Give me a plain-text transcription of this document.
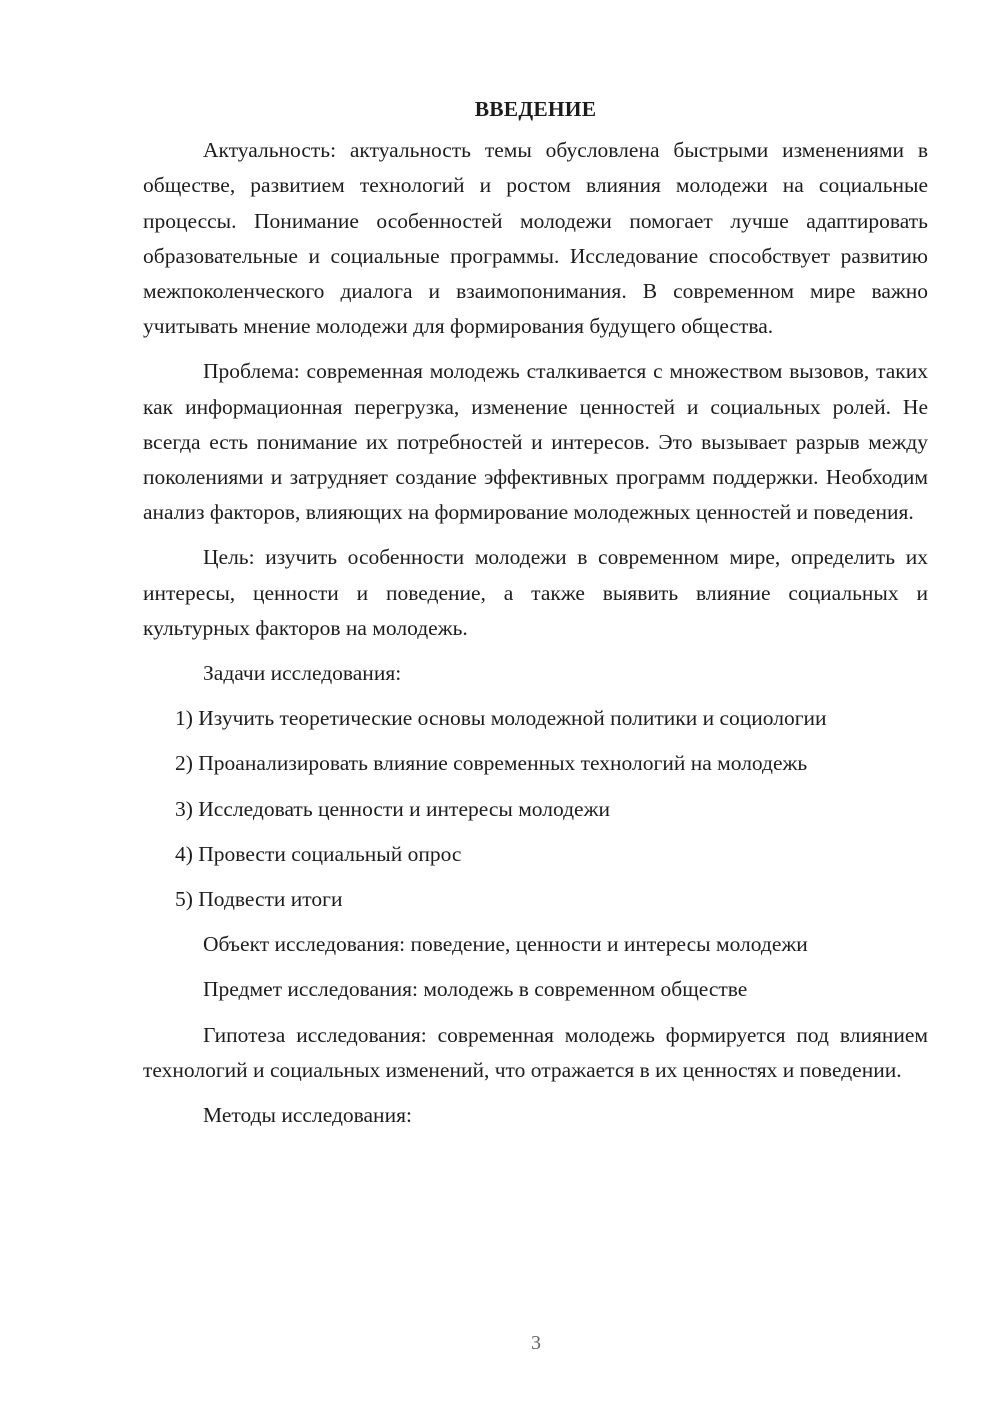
ВВЕДЕНИЕ

Актуальность: актуальность темы обусловлена быстрыми изменениями в обществе, развитием технологий и ростом влияния молодежи на социальные процессы. Понимание особенностей молодежи помогает лучше адаптировать образовательные и социальные программы. Исследование способствует развитию межпоколенческого диалога и взаимопонимания. В современном мире важно учитывать мнение молодежи для формирования будущего общества.

Проблема: современная молодежь сталкивается с множеством вызовов, таких как информационная перегрузка, изменение ценностей и социальных ролей. Не всегда есть понимание их потребностей и интересов. Это вызывает разрыв между поколениями и затрудняет создание эффективных программ поддержки. Необходим анализ факторов, влияющих на формирование молодежных ценностей и поведения.

Цель: изучить особенности молодежи в современном мире, определить их интересы, ценности и поведение, а также выявить влияние социальных и культурных факторов на молодежь.

Задачи исследования:

1) Изучить теоретические основы молодежной политики и социологии
2) Проанализировать влияние современных технологий на молодежь
3) Исследовать ценности и интересы молодежи
4) Провести социальный опрос
5) Подвести итоги

Объект исследования: поведение, ценности и интересы молодежи

Предмет исследования: молодежь в современном обществе

Гипотеза исследования: современная молодежь формируется под влиянием технологий и социальных изменений, что отражается в их ценностях и поведении.

Методы исследования:

3
